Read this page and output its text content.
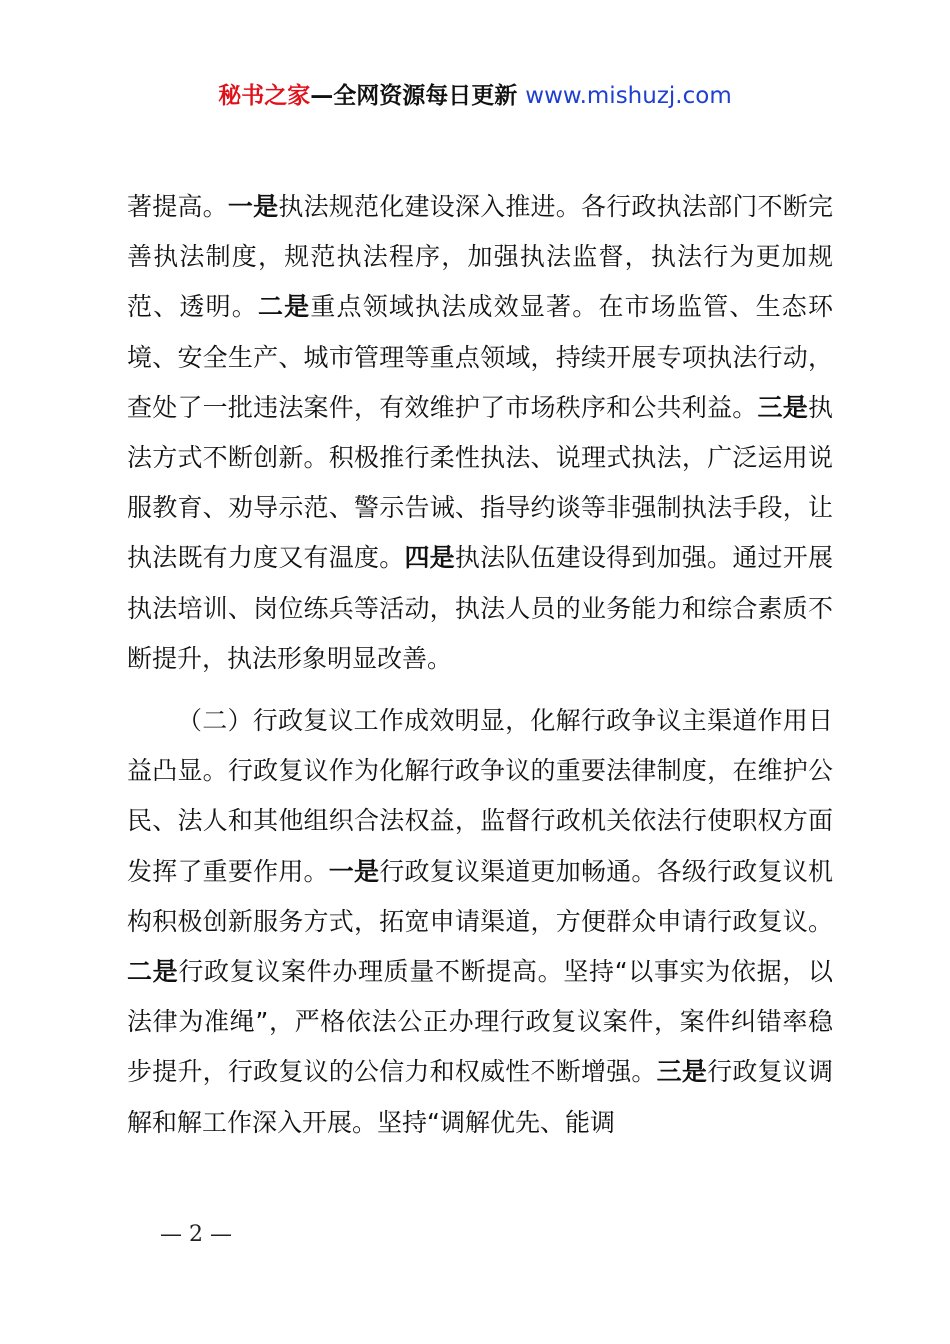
秘书之家—全网资源每日更新 www.mishuzj.com

著提高。一是执法规范化建设深入推进。各行政执法部门不断完善执法制度，规范执法程序，加强执法监督，执法行为更加规范、透明。二是重点领域执法成效显著。在市场监管、生态环境、安全生产、城市管理等重点领域，持续开展专项执法行动，查处了一批违法案件，有效维护了市场秩序和公共利益。三是执法方式不断创新。积极推行柔性执法、说理式执法，广泛运用说服教育、劝导示范、警示告诫、指导约谈等非强制执法手段，让执法既有力度又有温度。四是执法队伍建设得到加强。通过开展执法培训、岗位练兵等活动，执法人员的业务能力和综合素质不断提升，执法形象明显改善。

（二）行政复议工作成效明显，化解行政争议主渠道作用日益凸显。行政复议作为化解行政争议的重要法律制度，在维护公民、法人和其他组织合法权益，监督行政机关依法行使职权方面发挥了重要作用。一是行政复议渠道更加畅通。各级行政复议机构积极创新服务方式，拓宽申请渠道，方便群众申请行政复议。二是行政复议案件办理质量不断提高。坚持“以事实为依据，以法律为准绳”，严格依法公正办理行政复议案件，案件纠错率稳步提升，行政复议的公信力和权威性不断增强。三是行政复议调解和解工作深入开展。坚持“调解优先、能调

— 2 —
